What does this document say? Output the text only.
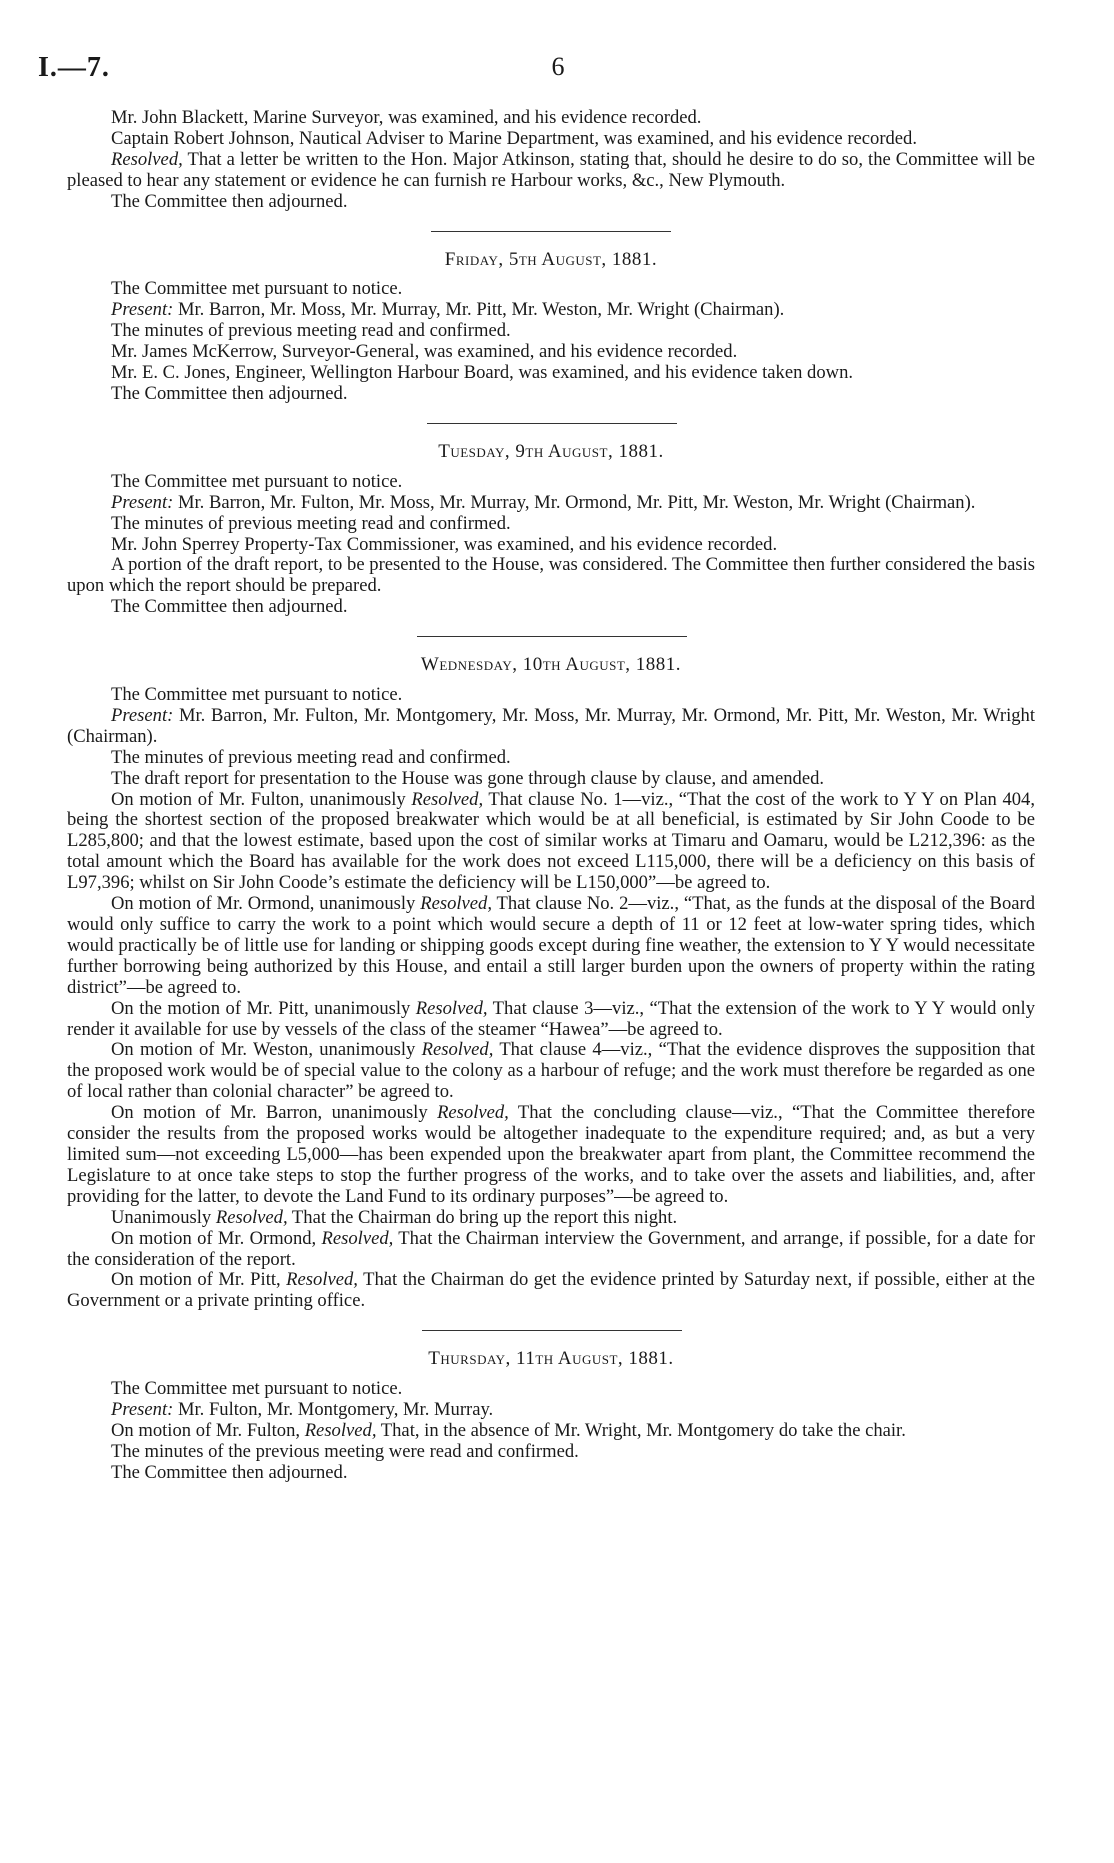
I.—7.	6

Mr. John Blackett, Marine Surveyor, was examined, and his evidence recorded.

Captain Robert Johnson, Nautical Adviser to Marine Department, was examined, and his evidence recorded.

Resolved, That a letter be written to the Hon. Major Atkinson, stating that, should he desire to do so, the Committee will be pleased to hear any statement or evidence he can furnish re Harbour works, &c., New Plymouth.

The Committee then adjourned.

Friday, 5th August, 1881.

The Committee met pursuant to notice.

Present: Mr. Barron, Mr. Moss, Mr. Murray, Mr. Pitt, Mr. Weston, Mr. Wright (Chairman).

The minutes of previous meeting read and confirmed.

Mr. James McKerrow, Surveyor-General, was examined, and his evidence recorded.

Mr. E. C. Jones, Engineer, Wellington Harbour Board, was examined, and his evidence taken down.

The Committee then adjourned.

Tuesday, 9th August, 1881.

The Committee met pursuant to notice.

Present: Mr. Barron, Mr. Fulton, Mr. Moss, Mr. Murray, Mr. Ormond, Mr. Pitt, Mr. Weston, Mr. Wright (Chairman).

The minutes of previous meeting read and confirmed.

Mr. John Sperrey Property-Tax Commissioner, was examined, and his evidence recorded.

A portion of the draft report, to be presented to the House, was considered. The Committee then further considered the basis upon which the report should be prepared.

The Committee then adjourned.

Wednesday, 10th August, 1881.

The Committee met pursuant to notice.

Present: Mr. Barron, Mr. Fulton, Mr. Montgomery, Mr. Moss, Mr. Murray, Mr. Ormond, Mr. Pitt, Mr. Weston, Mr. Wright (Chairman).

The minutes of previous meeting read and confirmed.

The draft report for presentation to the House was gone through clause by clause, and amended.

On motion of Mr. Fulton, unanimously Resolved, That clause No. 1—viz., “That the cost of the work to Y Y on Plan 404, being the shortest section of the proposed breakwater which would be at all beneficial, is estimated by Sir John Coode to be L285,800; and that the lowest estimate, based upon the cost of similar works at Timaru and Oamaru, would be L212,396: as the total amount which the Board has available for the work does not exceed L115,000, there will be a deficiency on this basis of L97,396; whilst on Sir John Coode’s estimate the deficiency will be L150,000”—be agreed to.

On motion of Mr. Ormond, unanimously Resolved, That clause No. 2—viz., “That, as the funds at the disposal of the Board would only suffice to carry the work to a point which would secure a depth of 11 or 12 feet at low-water spring tides, which would practically be of little use for landing or shipping goods except during fine weather, the extension to Y Y would necessitate further borrowing being authorized by this House, and entail a still larger burden upon the owners of property within the rating district”—be agreed to.

On the motion of Mr. Pitt, unanimously Resolved, That clause 3—viz., “That the extension of the work to Y Y would only render it available for use by vessels of the class of the steamer “Hawea”—be agreed to.

On motion of Mr. Weston, unanimously Resolved, That clause 4—viz., “That the evidence disproves the supposition that the proposed work would be of special value to the colony as a harbour of refuge; and the work must therefore be regarded as one of local rather than colonial character” be agreed to.

On motion of Mr. Barron, unanimously Resolved, That the concluding clause—viz., “That the Committee therefore consider the results from the proposed works would be altogether inadequate to the expenditure required; and, as but a very limited sum—not exceeding L5,000—has been expended upon the breakwater apart from plant, the Committee recommend the Legislature to at once take steps to stop the further progress of the works, and to take over the assets and liabilities, and, after providing for the latter, to devote the Land Fund to its ordinary purposes”—be agreed to.

Unanimously Resolved, That the Chairman do bring up the report this night.

On motion of Mr. Ormond, Resolved, That the Chairman interview the Government, and arrange, if possible, for a date for the consideration of the report.

On motion of Mr. Pitt, Resolved, That the Chairman do get the evidence printed by Saturday next, if possible, either at the Government or a private printing office.

Thursday, 11th August, 1881.

The Committee met pursuant to notice.

Present: Mr. Fulton, Mr. Montgomery, Mr. Murray.

On motion of Mr. Fulton, Resolved, That, in the absence of Mr. Wright, Mr. Montgomery do take the chair.

The minutes of the previous meeting were read and confirmed.

The Committee then adjourned.
